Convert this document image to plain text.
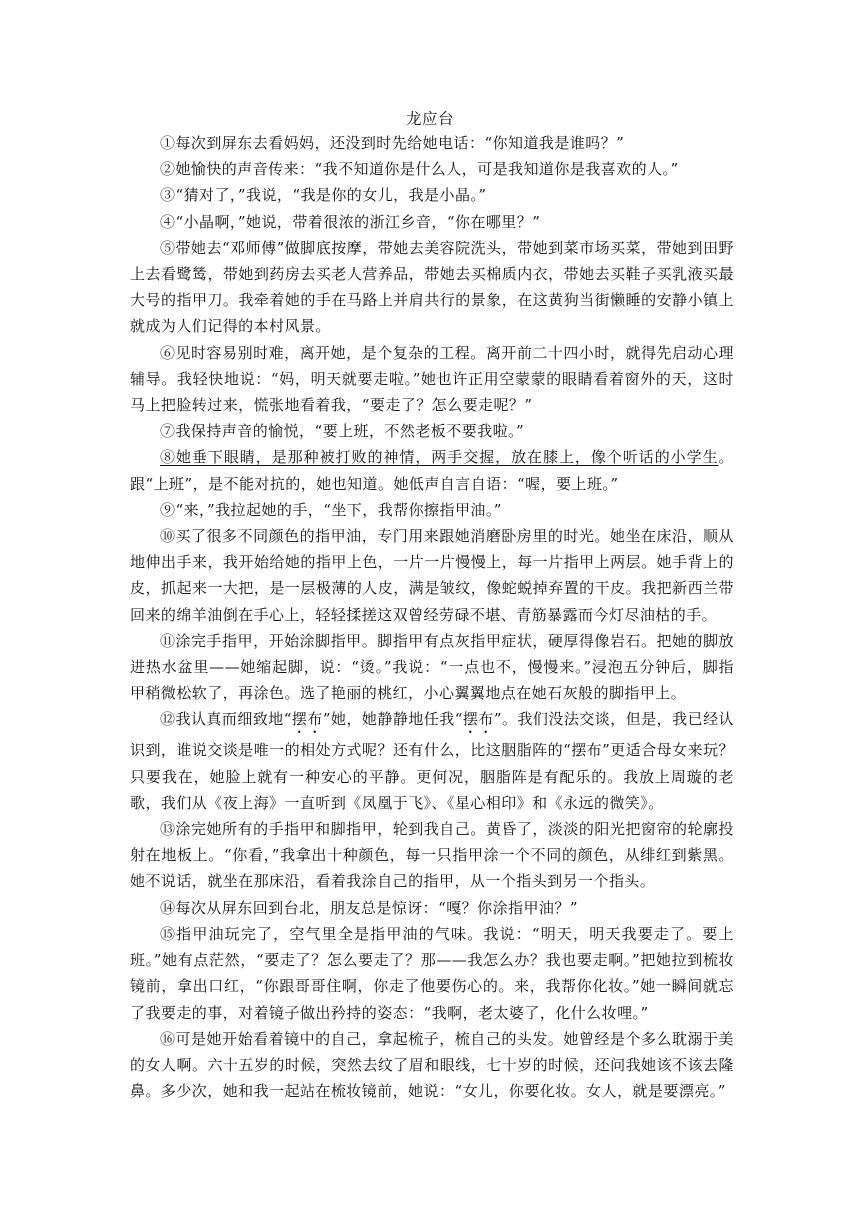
龙应台

①每次到屏东去看妈妈，还没到时先给她电话：“你知道我是谁吗？”

②她愉快的声音传来：“我不知道你是什么人，可是我知道你是我喜欢的人。”

③“猜对了，”我说，“我是你的女儿，我是小晶。”

④“小晶啊，”她说，带着很浓的浙江乡音，“你在哪里？”

⑤带她去“邓师傅”做脚底按摩，带她去美容院洗头，带她到菜市场买菜，带她到田野上去看鹭鸶，带她到药房去买老人营养品，带她去买棉质内衣，带她去买鞋子买乳液买最大号的指甲刀。我牵着她的手在马路上并肩共行的景象，在这黄狗当街懒睡的安静小镇上就成为人们记得的本村风景。

⑥见时容易别时难，离开她，是个复杂的工程。离开前二十四小时，就得先启动心理辅导。我轻快地说：“妈，明天就要走啦。”她也许正用空蒙蒙的眼睛看着窗外的天，这时马上把脸转过来，慌张地看着我，“要走了？怎么要走呢？”

⑦我保持声音的愉悦，“要上班，不然老板不要我啦。”

⑧她垂下眼睛，是那种被打败的神情，两手交握，放在膝上，像个听话的小学生。跟“上班”，是不能对抗的，她也知道。她低声自言自语：“喔，要上班。”

⑨“来，”我拉起她的手，“坐下，我帮你擦指甲油。”

⑩买了很多不同颜色的指甲油，专门用来跟她消磨卧房里的时光。她坐在床沿，顺从地伸出手来，我开始给她的指甲上色，一片一片慢慢上，每一片指甲上两层。她手背上的皮，抓起来一大把，是一层极薄的人皮，满是皱纹，像蛇蜕掉弃置的干皮。我把新西兰带回来的绵羊油倒在手心上，轻轻揉搓这双曾经劳碌不堪、青筋暴露而今灯尽油枯的手。

⑪涂完手指甲，开始涂脚指甲。脚指甲有点灰指甲症状，硬厚得像岩石。把她的脚放进热水盆里——她缩起脚，说：“烫。”我说：“一点也不，慢慢来。”浸泡五分钟后，脚指甲稍微松软了，再涂色。选了艳丽的桃红，小心翼翼地点在她石灰般的脚指甲上。

⑫我认真而细致地“摆布”她，她静静地任我“摆布”。我们没法交谈，但是，我已经认识到，谁说交谈是唯一的相处方式呢？还有什么，比这胭脂阵的“摆布”更适合母女来玩？只要我在，她脸上就有一种安心的平静。更何况，胭脂阵是有配乐的。我放上周璇的老歌，我们从《夜上海》一直听到《凤凰于飞》、《星心相印》和《永远的微笑》。

⑬涂完她所有的手指甲和脚指甲，轮到我自己。黄昏了，淡淡的阳光把窗帘的轮廓投射在地板上。“你看，”我拿出十种颜色，每一只指甲涂一个不同的颜色，从绯红到紫黑。她不说话，就坐在那床沿，看着我涂自己的指甲，从一个指头到另一个指头。

⑭每次从屏东回到台北，朋友总是惊讶：“嘎？你涂指甲油？”

⑮指甲油玩完了，空气里全是指甲油的气味。我说：“明天，明天我要走了。要上班。”她有点茫然，“要走了？怎么要走了？那——我怎么办？我也要走啊。”把她拉到梳妆镜前，拿出口红，“你跟哥哥住啊，你走了他要伤心的。来，我帮你化妆。”她一瞬间就忘了我要走的事，对着镜子做出矜持的姿态：“我啊，老太婆了，化什么妆哩。”

⑯可是她开始看着镜中的自己，拿起梳子，梳自己的头发。她曾经是个多么耽溺于美的女人啊。六十五岁的时候，突然去纹了眉和眼线，七十岁的时候，还问我她该不该去隆鼻。多少次，她和我一起站在梳妆镜前，她说：“女儿，你要化妆。女人，就是要漂亮。”
